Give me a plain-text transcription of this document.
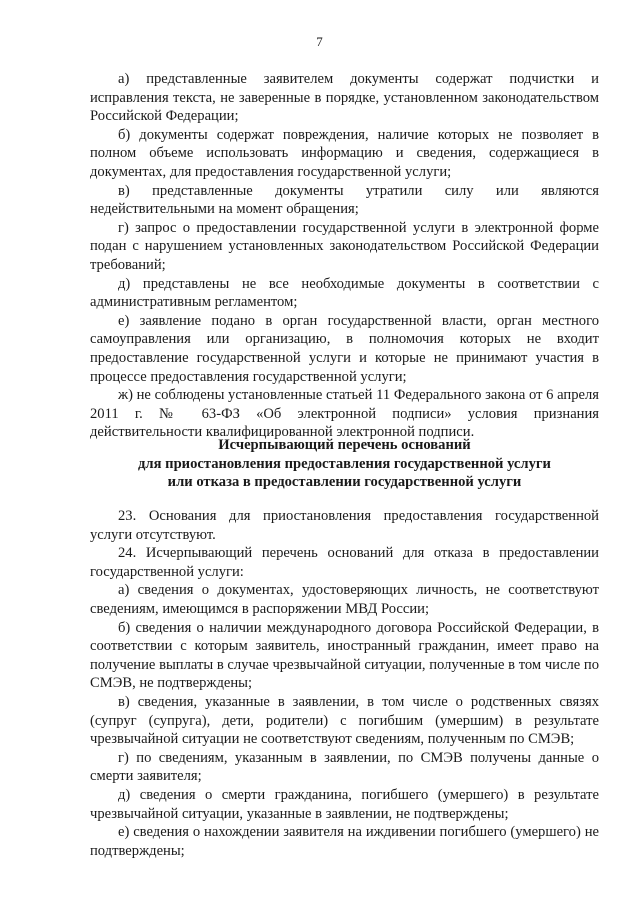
7

а) представленные заявителем документы содержат подчистки и исправления текста, не заверенные в порядке, установленном законодательством Российской Федерации;

б) документы содержат повреждения, наличие которых не позволяет в полном объеме использовать информацию и сведения, содержащиеся в документах, для предоставления государственной услуги;

в) представленные документы утратили силу или являются недействительными на момент обращения;

г) запрос о предоставлении государственной услуги в электронной форме подан с нарушением установленных законодательством Российской Федерации требований;

д) представлены не все необходимые документы в соответствии с административным регламентом;

е) заявление подано в орган государственной власти, орган местного самоуправления или организацию, в полномочия которых не входит предоставление государственной услуги и которые не принимают участия в процессе предоставления государственной услуги;

ж) не соблюдены установленные статьей 11 Федерального закона от 6 апреля 2011 г. № 63-ФЗ «Об электронной подписи» условия признания действительности квалифицированной электронной подписи.

Исчерпывающий перечень оснований

для приостановления предоставления государственной услуги

или отказа в предоставлении государственной услуги

23. Основания для приостановления предоставления государственной услуги отсутствуют.

24. Исчерпывающий перечень оснований для отказа в предоставлении государственной услуги:

а) сведения о документах, удостоверяющих личность, не соответствуют сведениям, имеющимся в распоряжении МВД России;

б) сведения о наличии международного договора Российской Федерации, в соответствии с которым заявитель, иностранный гражданин, имеет право на получение выплаты в случае чрезвычайной ситуации, полученные в том числе по СМЭВ, не подтверждены;

в) сведения, указанные в заявлении, в том числе о родственных связях (супруг (супруга), дети, родители) с погибшим (умершим) в результате чрезвычайной ситуации не соответствуют сведениям, полученным по СМЭВ;

г) по сведениям, указанным в заявлении, по СМЭВ получены данные о смерти заявителя;

д) сведения о смерти гражданина, погибшего (умершего) в результате чрезвычайной ситуации, указанные в заявлении, не подтверждены;

е) сведения о нахождении заявителя на иждивении погибшего (умершего) не подтверждены;
